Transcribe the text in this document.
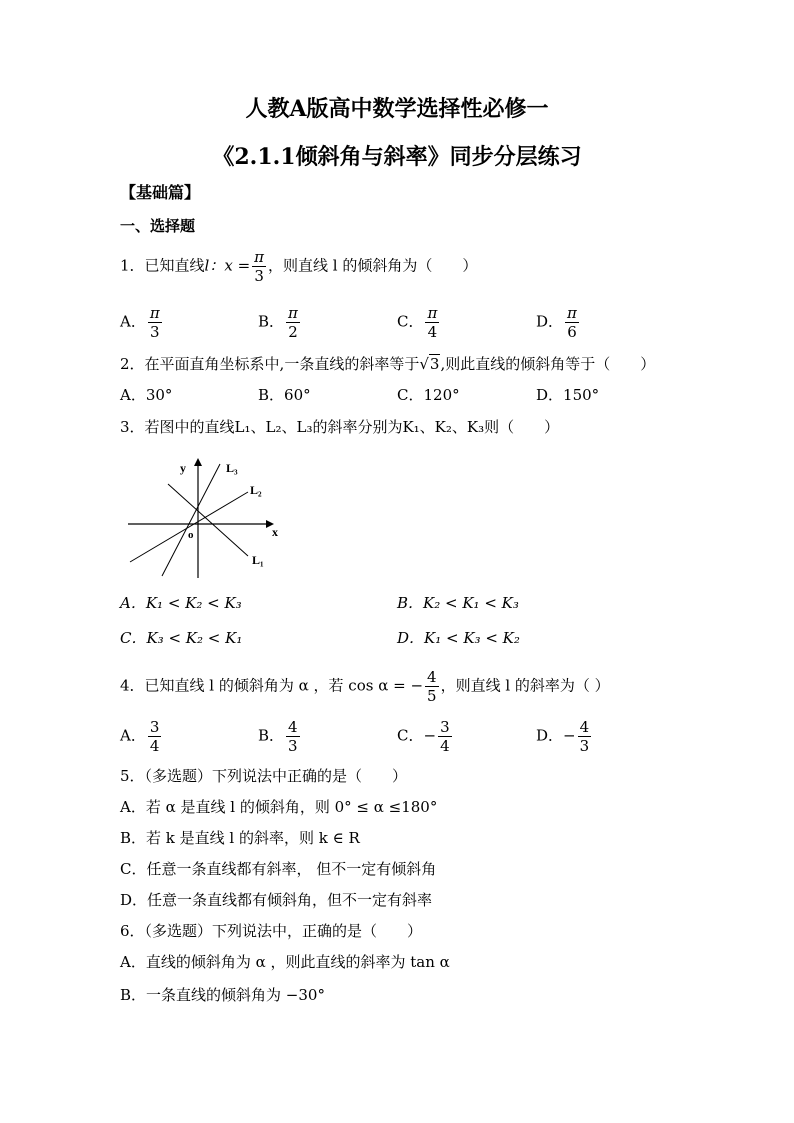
人教A版高中数学选择性必修一
《2.1.1倾斜角与斜率》同步分层练习
【基础篇】
一、选择题
1．已知直线l：$x = \frac{\pi}{3}$ ，则直线 l 的倾斜角为（　　）
A． $\frac{\pi}{3}$	B． $\frac{\pi}{2}$	C． $\frac{\pi}{4}$	D． $\frac{\pi}{6}$
2．在平面直角坐标系中,一条直线的斜率等于√3,则此直线的倾斜角等于（　　）
A．30°	B．60°	C．120°	D．150°
3．若图中的直线L₁、L₂、L₃的斜率分别为K₁、K₂、K₃则（　　）
y
x
o
L₃
L₂
L₁
A．K₁ < K₂ < K₃	B．K₂ < K₁ < K₃
C．K₃ < K₂ < K₁	D．K₁ < K₃ < K₂
4．已知直线 l 的倾斜角为 α ，若 cos α = − $\frac{4}{5}$ ，则直线 l 的斜率为（ ）
A． $\frac{3}{4}$	B． $\frac{4}{3}$	C．− $\frac{3}{4}$	D．− $\frac{4}{3}$
5．（多选题）下列说法中正确的是（　　）
A．若 α 是直线 l 的倾斜角，则 0° ≤ α ≤180°
B．若 k 是直线 l 的斜率，则 k ∈ R
C．任意一条直线都有斜率， 但不一定有倾斜角
D．任意一条直线都有倾斜角，但不一定有斜率
6．（多选题）下列说法中，正确的是（　　）
A．直线的倾斜角为 α ，则此直线的斜率为 tan α
B．一条直线的倾斜角为 −30°
